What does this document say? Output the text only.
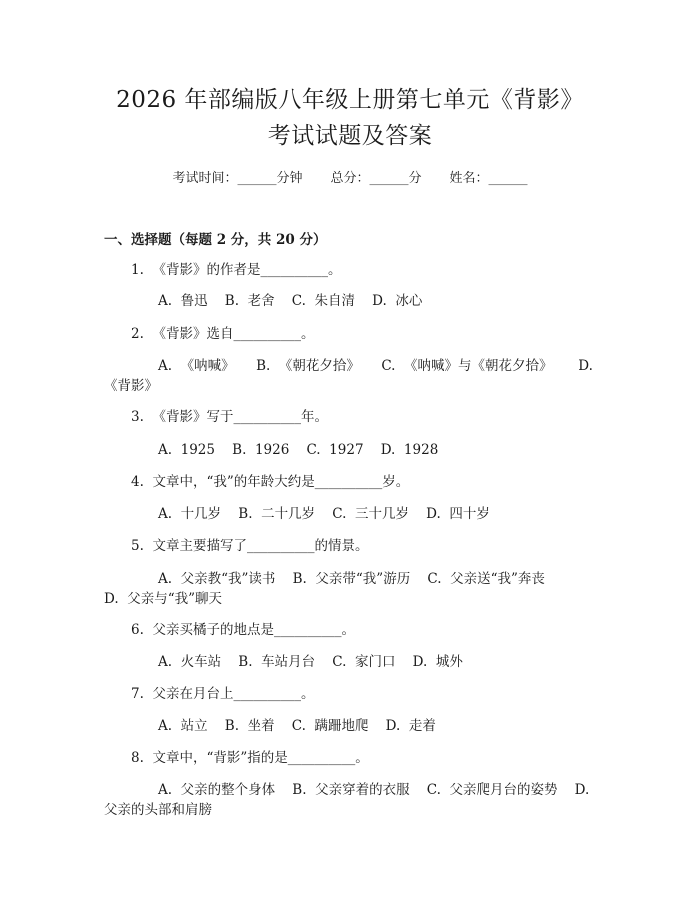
2026 年部编版八年级上册第七单元《背影》
考试试题及答案
考试时间：______分钟 总分：______分 姓名：______
一、选择题（每题 2 分，共 20 分）
1.  《背影》的作者是__________。
A.  鲁迅    B.  老舍    C.  朱自清    D.  冰心
2.  《背影》选自__________。
A.  《呐喊》     B.  《朝花夕拾》     C.  《呐喊》与《朝花夕拾》      D.
《背影》
3.  《背影》写于__________年。
A.  1925    B.  1926    C.  1927    D.  1928
4.  文章中，“我”的年龄大约是__________岁。
A.  十几岁    B.  二十几岁    C.  三十几岁    D.  四十岁
5.  文章主要描写了__________的情景。
A.  父亲教“我”读书    B.  父亲带“我”游历    C.  父亲送“我”奔丧
D.  父亲与“我”聊天
6.  父亲买橘子的地点是__________。
A.  火车站    B.  车站月台    C.  家门口    D.  城外
7.  父亲在月台上__________。
A.  站立    B.  坐着    C.  蹒跚地爬    D.  走着
8.  文章中，“背影”指的是__________。
A.  父亲的整个身体    B.  父亲穿着的衣服    C.  父亲爬月台的姿势    D.
父亲的头部和肩膀
